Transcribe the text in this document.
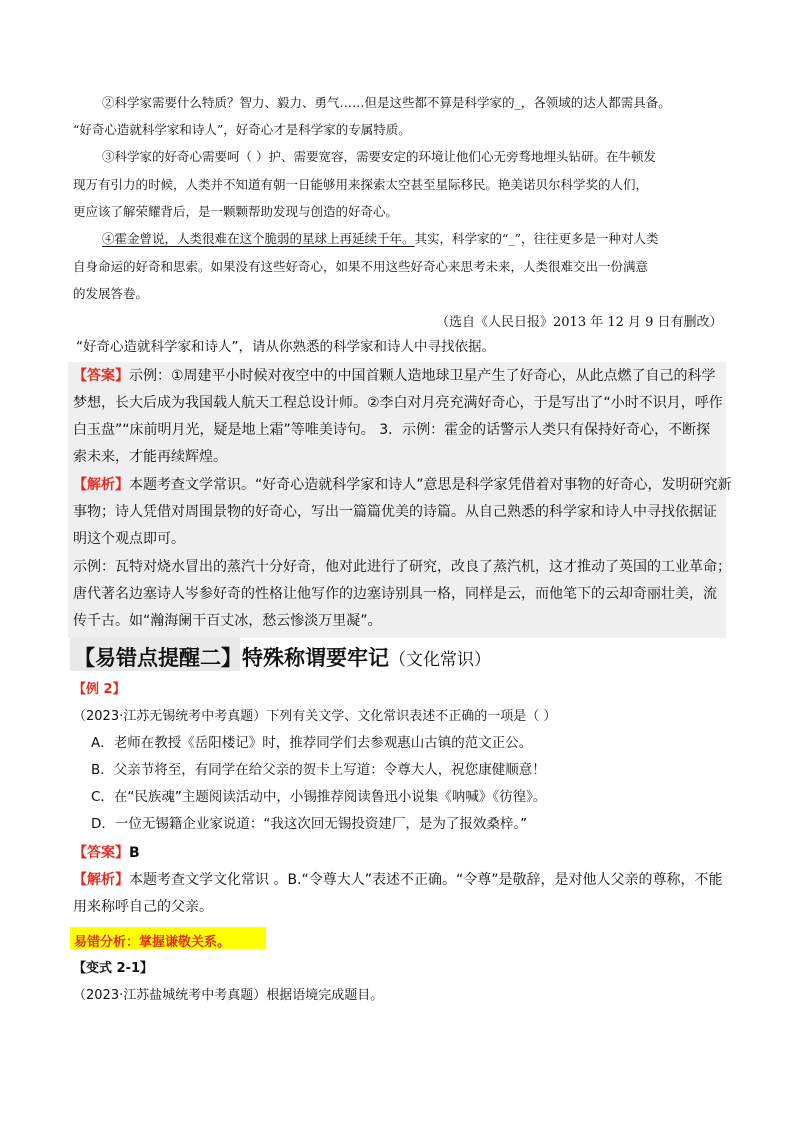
②科学家需要什么特质？智力、毅力、勇气……但是这些都不算是科学家的_，各领域的达人都需具备。
“好奇心造就科学家和诗人”，好奇心才是科学家的专属特质。
③科学家的好奇心需要呵（ ）护、需要宽容，需要安定的环境让他们心无旁骛地埋头钻研。在牛顿发
现万有引力的时候，人类并不知道有朝一日能够用来探索太空甚至星际移民。艳美诺贝尔科学奖的人们，
更应该了解荣耀背后，是一颗颗帮助发现与创造的好奇心。
④霍金曾说，人类很难在这个脆弱的星球上再延续千年。其实，科学家的“_”，往往更多是一种对人类
自身命运的好奇和思索。如果没有这些好奇心，如果不用这些好奇心来思考未来，人类很难交出一份满意
的发展答卷。
（选自《人民日报》2013 年 12 月 9 日有删改）
“好奇心造就科学家和诗人”，请从你熟悉的科学家和诗人中寻找依据。
【答案】示例：①周建平小时候对夜空中的中国首颗人造地球卫星产生了好奇心，从此点燃了自己的科学
梦想，长大后成为我国载人航天工程总设计师。②李白对月亮充满好奇心，于是写出了“小时不识月，呼作
白玉盘”“床前明月光，疑是地上霜”等唯美诗句。 3．示例：霍金的话警示人类只有保持好奇心，不断探
索未来，才能再续辉煌。
【解析】本题考查文学常识。“好奇心造就科学家和诗人”意思是科学家凭借着对事物的好奇心，发明研究新
事物；诗人凭借对周围景物的好奇心，写出一篇篇优美的诗篇。从自己熟悉的科学家和诗人中寻找依据证
明这个观点即可。
示例：瓦特对烧水冒出的蒸汽十分好奇，他对此进行了研究，改良了蒸汽机，这才推动了英国的工业革命；
唐代著名边塞诗人岑参好奇的性格让他写作的边塞诗别具一格，同样是云，而他笔下的云却奇丽壮美，流
传千古。如“瀚海阑干百丈冰，愁云惨淡万里凝”。
【易错点提醒二】特殊称谓要牢记（文化常识）
【例 2】
（2023·江苏无锡统考中考真题）下列有关文学、文化常识表述不正确的一项是（ ）
A．老师在教授《岳阳楼记》时，推荐同学们去参观惠山古镇的范文正公。
B．父亲节将至，有同学在给父亲的贺卡上写道：令尊大人，祝您康健顺意！
C．在“民族魂”主题阅读活动中，小锡推荐阅读鲁迅小说集《呐喊》《彷徨》。
D．一位无锡籍企业家说道：“我这次回无锡投资建厂，是为了报效桑梓。”
【答案】B
【解析】本题考查文学文化常识 。B.“令尊大人”表述不正确。“令尊”是敬辞，是对他人父亲的尊称，不能
用来称呼自己的父亲。
易错分析：掌握谦敬关系。
【变式 2-1】
（2023·江苏盐城统考中考真题）根据语境完成题目。
